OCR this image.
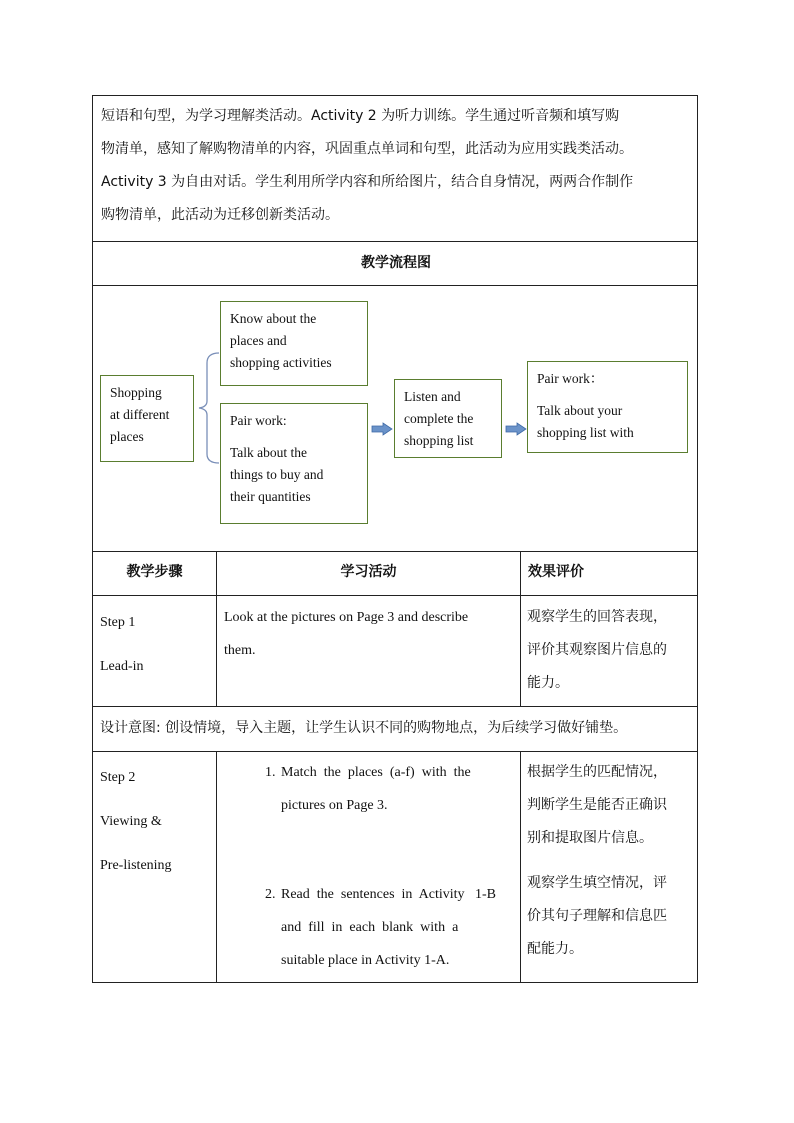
短语和句型，为学习理解类活动。Activity 2 为听力训练。学生通过听音频和填写购
物清单，感知了解购物清单的内容，巩固重点单词和句型，此活动为应用实践类活动。
Activity 3 为自由对话。学生利用所学内容和所给图片，结合自身情况，两两合作制作
购物清单，此活动为迁移创新类活动。
教学流程图
Shopping
at different
places
Know about the
places and
shopping activities
Pair work:
Talk about the
things to buy and
their quantities
Listen and
complete the
shopping list
Pair work：
Talk about your
shopping list with
教学步骤	学习活动	效果评价
Step 1
Lead-in
Look at the pictures on Page 3 and describe
them.
观察学生的回答表现，
评价其观察图片信息的
能力。
设计意图: 创设情境，导入主题，让学生认识不同的购物地点，为后续学习做好铺垫。
Step 2
Viewing &
Pre-listening
1. Match  the  places  (a-f)  with  the
pictures on Page 3.
2. Read  the  sentences  in  Activity   1-B
and  fill  in  each  blank  with  a
suitable place in Activity 1-A.
根据学生的匹配情况，
判断学生是能否正确识
别和提取图片信息。
观察学生填空情况，评
价其句子理解和信息匹
配能力。
